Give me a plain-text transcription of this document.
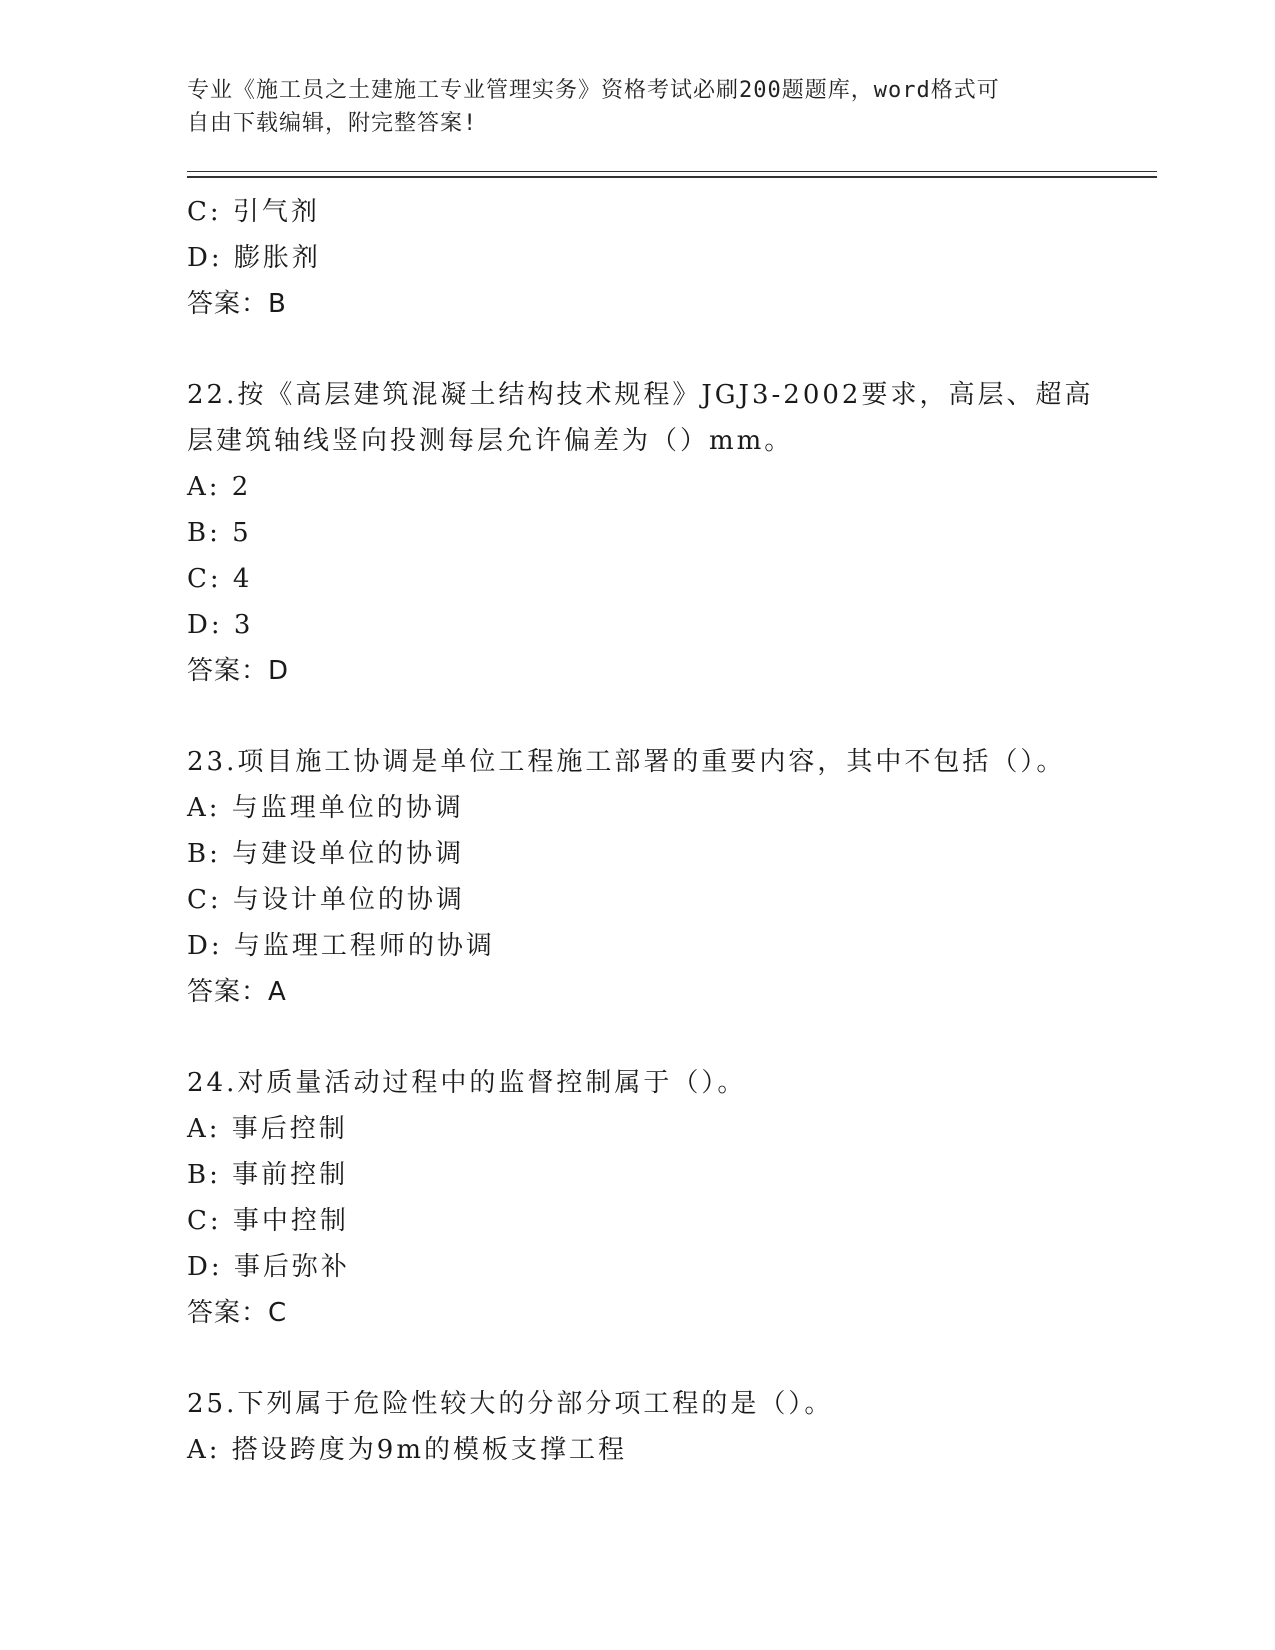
专业《施工员之土建施工专业管理实务》资格考试必刷200题题库，word格式可
自由下载编辑，附完整答案!
C: 引气剂
D: 膨胀剂
答案：B
22.按《高层建筑混凝土结构技术规程》JGJ3-2002要求，高层、超高
层建筑轴线竖向投测每层允许偏差为（）mm。
A: 2
B: 5
C: 4
D: 3
答案：D
23.项目施工协调是单位工程施工部署的重要内容，其中不包括（）。
A: 与监理单位的协调
B: 与建设单位的协调
C: 与设计单位的协调
D: 与监理工程师的协调
答案：A
24.对质量活动过程中的监督控制属于（）。
A: 事后控制
B: 事前控制
C: 事中控制
D: 事后弥补
答案：C
25.下列属于危险性较大的分部分项工程的是（）。
A: 搭设跨度为9m的模板支撑工程
